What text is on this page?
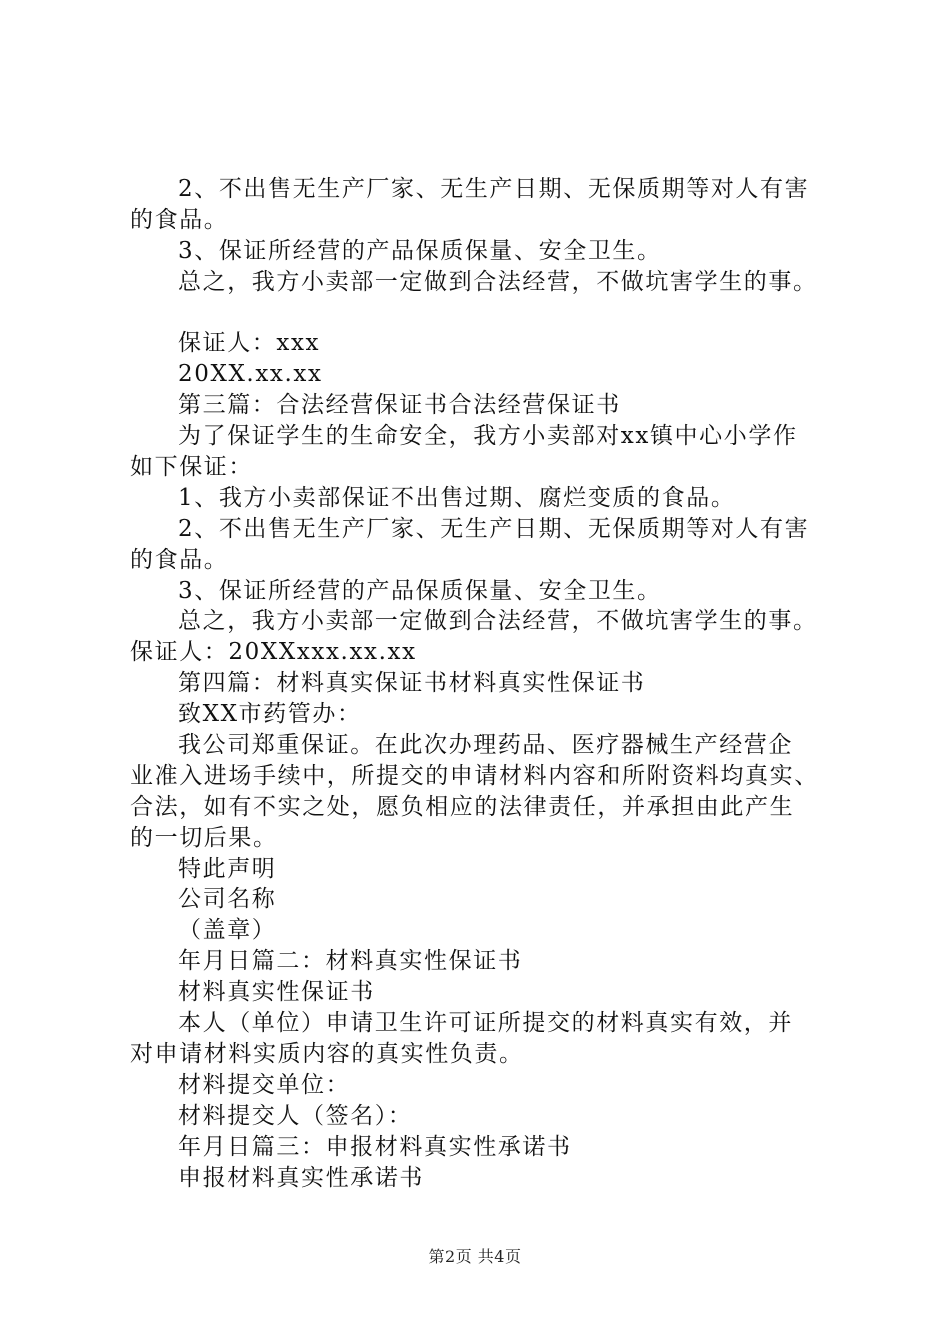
2、不出售无生产厂家、无生产日期、无保质期等对人有害
的食品。
3、保证所经营的产品保质保量、安全卫生。
总之，我方小卖部一定做到合法经营，不做坑害学生的事。
保证人：xxx
20XX.xx.xx
第三篇：合法经营保证书合法经营保证书
为了保证学生的生命安全，我方小卖部对xx镇中心小学作
如下保证：
1、我方小卖部保证不出售过期、腐烂变质的食品。
2、不出售无生产厂家、无生产日期、无保质期等对人有害
的食品。
3、保证所经营的产品保质保量、安全卫生。
总之，我方小卖部一定做到合法经营，不做坑害学生的事。
保证人：20XXxxx.xx.xx
第四篇：材料真实保证书材料真实性保证书
致XX市药管办：
我公司郑重保证。在此次办理药品、医疗器械生产经营企
业准入进场手续中，所提交的申请材料内容和所附资料均真实、
合法，如有不实之处，愿负相应的法律责任，并承担由此产生
的一切后果。
特此声明
公司名称
（盖章）
年月日篇二：材料真实性保证书
材料真实性保证书
本人（单位）申请卫生许可证所提交的材料真实有效，并
对申请材料实质内容的真实性负责。
材料提交单位：
材料提交人（签名）：
年月日篇三：申报材料真实性承诺书
申报材料真实性承诺书
第2页 共4页
